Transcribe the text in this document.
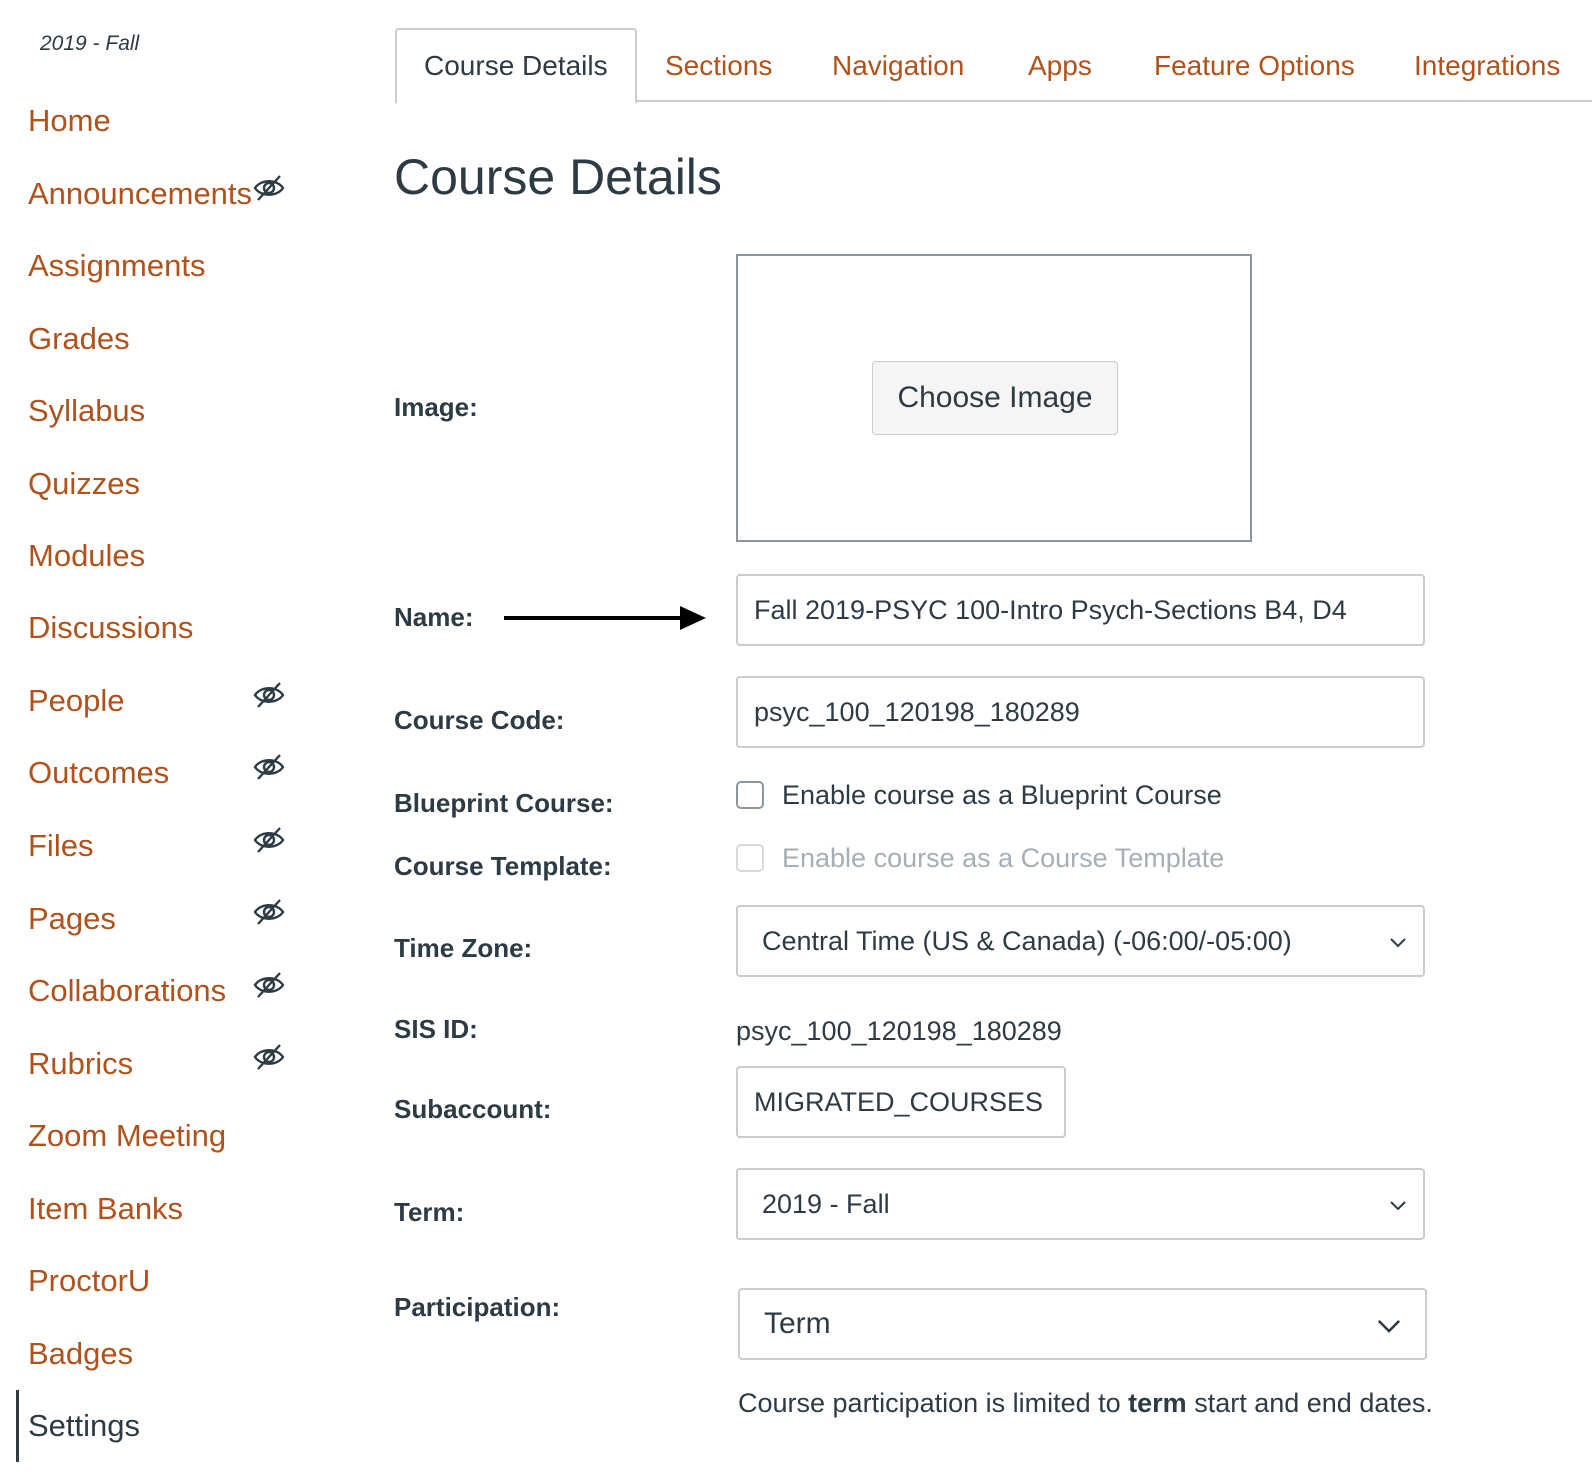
2019 - Fall
Home
Announcements
Assignments
Grades
Syllabus
Quizzes
Modules
Discussions
People
Outcomes
Files
Pages
Collaborations
Rubrics
Zoom Meeting
Item Banks
ProctorU
Badges
Settings
Course Details	Sections Navigation Apps Feature Options Integrations
Course Details
Image:	Choose Image
Name:	Fall 2019-PSYC 100-Intro Psych-Sections B4, D4
Course Code:	psyc_100_120198_180289
Blueprint Course:	Enable course as a Blueprint Course
Course Template:	Enable course as a Course Template
Time Zone:	Central Time (US & Canada) (-06:00/-05:00)
SIS ID:	psyc_100_120198_180289
Subaccount:	MIGRATED_COURSES
Term:	2019 - Fall
Participation:	Term
Course participation is limited to term start and end dates.
